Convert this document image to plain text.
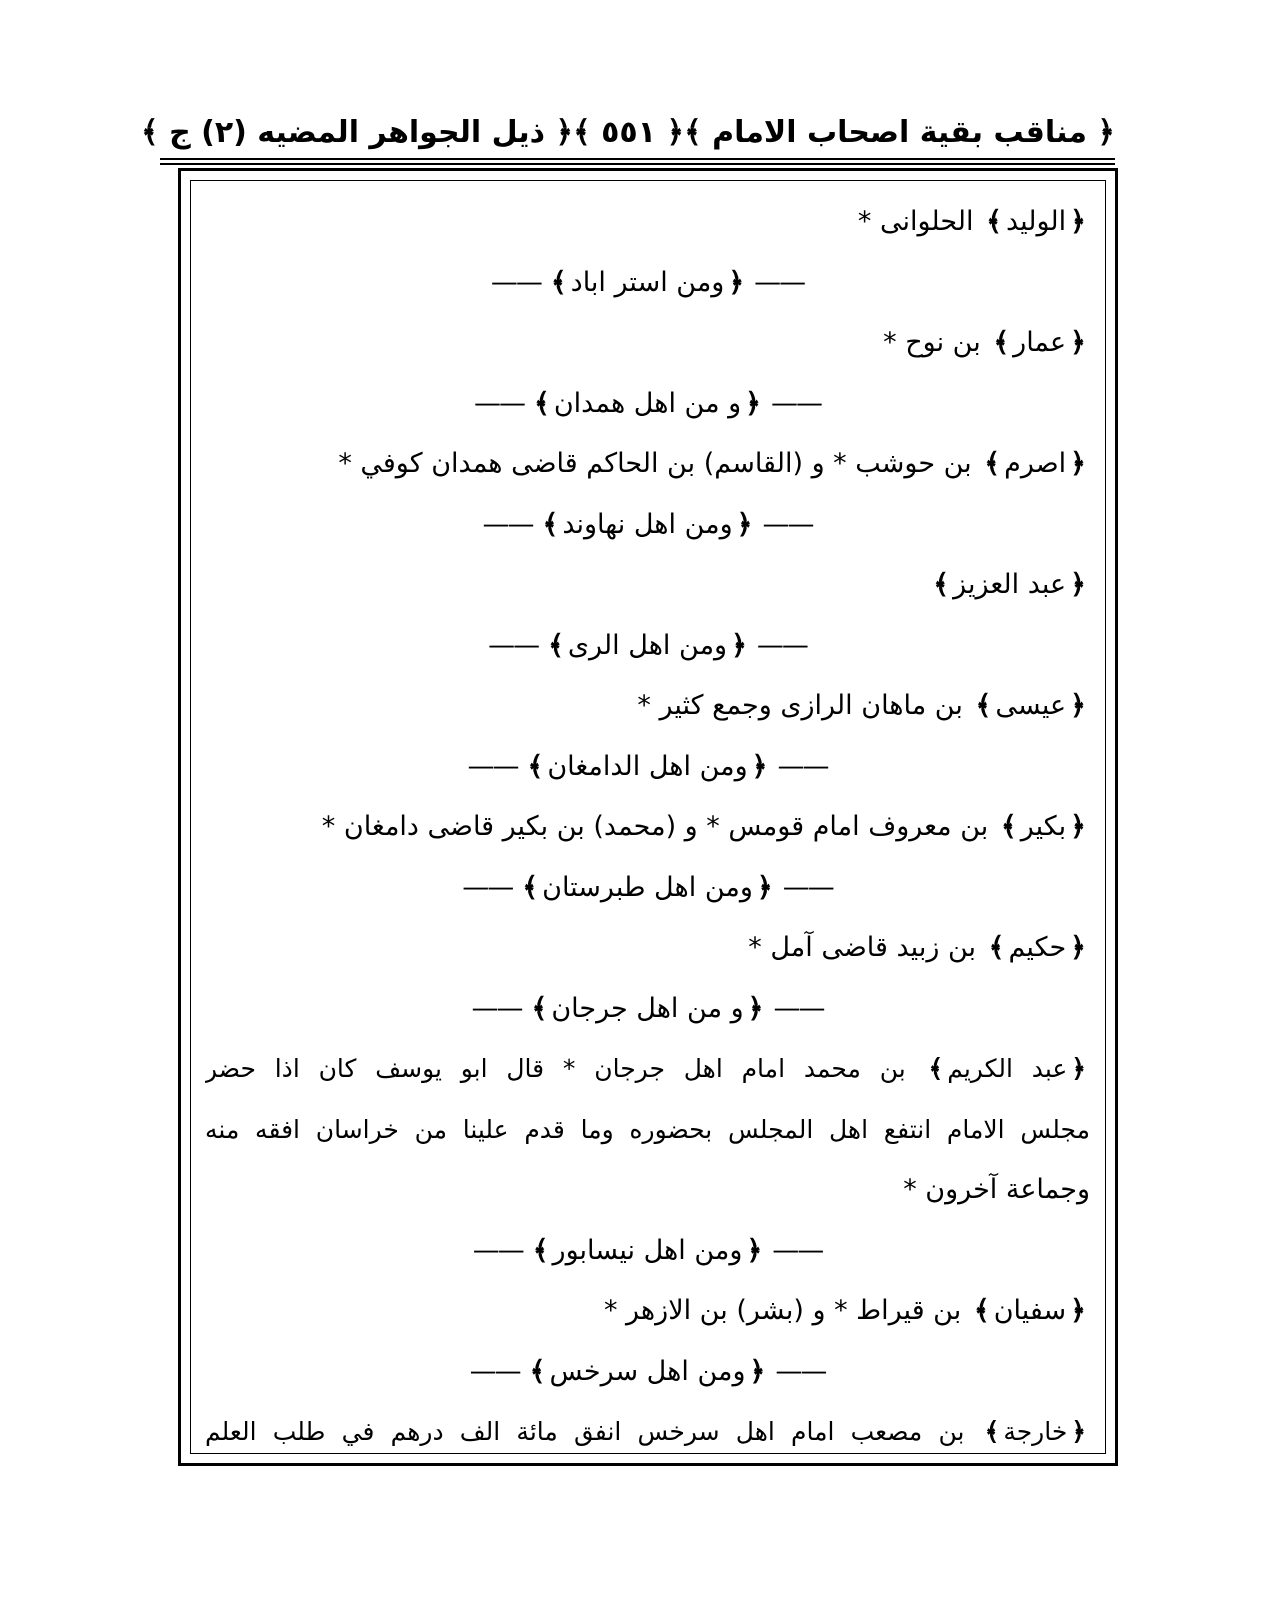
﴿ مناقب بقية اصحاب الامام ﴾
﴿ ٥٥١ ﴾
﴿ ذيل الجواهر المضيه (٢) ج ﴾
﴿الوليد﴾ الحلوانى *
——﴿ومن استر اباد﴾——
﴿عمار﴾ بن نوح *
——﴿و من اهل همدان﴾——
﴿اصرم﴾ بن حوشب * و (القاسم) بن الحاكم قاضى همدان كوفي *
——﴿ومن اهل نهاوند﴾——
﴿عبد العزيز﴾
——﴿ومن اهل الرى﴾——
﴿عيسى﴾ بن ماهان الرازى وجمع كثير *
——﴿ومن اهل الدامغان﴾——
﴿بكير﴾ بن معروف امام قومس * و (محمد) بن بكير قاضى دامغان *
——﴿ومن اهل طبرستان﴾——
﴿حكيم﴾ بن زبيد قاضى آمل *
——﴿و من اهل جرجان﴾——
﴿عبد الكريم﴾ بن محمد امام اهل جرجان * قال ابو يوسف كان اذا حضر
مجلس الامام انتفع اهل المجلس بحضوره وما قدم علينا من خراسان افقه منه
وجماعة آخرون *
——﴿ومن اهل نيسابور﴾——
﴿سفيان﴾ بن قيراط * و (بشر) بن الازهر *
——﴿ومن اهل سرخس﴾——
﴿خارجة﴾ بن مصعب امام اهل سرخس انفق مائة الف درهم في طلب العلم
